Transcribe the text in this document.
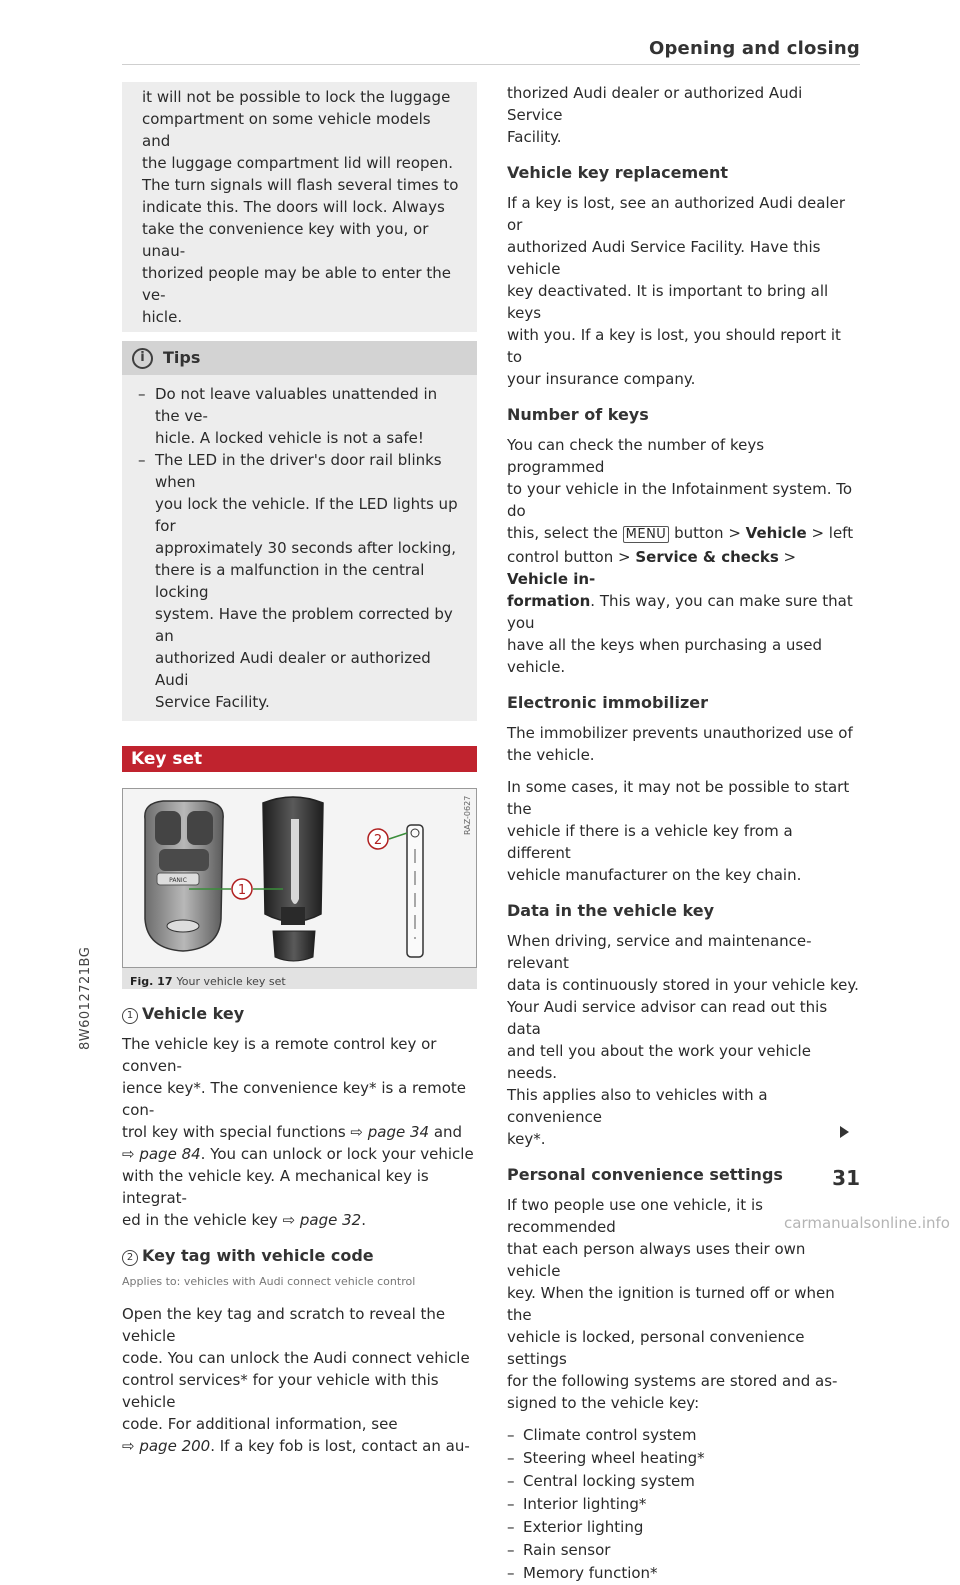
Opening and closing

it will not be possible to lock the luggage
compartment on some vehicle models and
the luggage compartment lid will reopen.
The turn signals will flash several times to
indicate this. The doors will lock. Always
take the convenience key with you, or unau-
thorized people may be able to enter the ve-
hicle.

i	Tips
– Do not leave valuables unattended in the ve-
hicle. A locked vehicle is not a safe!
– The LED in the driver's door rail blinks when
you lock the vehicle. If the LED lights up for
approximately 30 seconds after locking,
there is a malfunction in the central locking
system. Have the problem corrected by an
authorized Audi dealer or authorized Audi
Service Facility.
Key set
PANIC
1
2
RAZ-0627
Fig. 17 Your vehicle key set
1 Vehicle key

The vehicle key is a remote control key or conven-
ience key*. The convenience key* is a remote con-
trol key with special functions ⇨ page 34 and
⇨ page 84. You can unlock or lock your vehicle
with the vehicle key. A mechanical key is integrat-
ed in the vehicle key ⇨ page 32.

2 Key tag with vehicle code
Applies to: vehicles with Audi connect vehicle control

Open the key tag and scratch to reveal the vehicle
code. You can unlock the Audi connect vehicle
control services* for your vehicle with this vehicle
code. For additional information, see
⇨ page 200. If a key fob is lost, contact an au-

thorized Audi dealer or authorized Audi Service
Facility.

Vehicle key replacement

If a key is lost, see an authorized Audi dealer or
authorized Audi Service Facility. Have this vehicle
key deactivated. It is important to bring all keys
with you. If a key is lost, you should report it to
your insurance company.

Number of keys

You can check the number of keys programmed
to your vehicle in the Infotainment system. To do
this, select the MENU button > Vehicle > left
control button > Service & checks > Vehicle in-
formation. This way, you can make sure that you
have all the keys when purchasing a used vehicle.

Electronic immobilizer

The immobilizer prevents unauthorized use of
the vehicle.

In some cases, it may not be possible to start the
vehicle if there is a vehicle key from a different
vehicle manufacturer on the key chain.

Data in the vehicle key

When driving, service and maintenance-relevant
data is continuously stored in your vehicle key.
Your Audi service advisor can read out this data
and tell you about the work your vehicle needs.
This applies also to vehicles with a convenience
key*.

Personal convenience settings

If two people use one vehicle, it is recommended
that each person always uses their own vehicle
key. When the ignition is turned off or when the
vehicle is locked, personal convenience settings
for the following systems are stored and as-
signed to the vehicle key:

– Climate control system
– Steering wheel heating*
– Central locking system
– Interior lighting*
– Exterior lighting
– Rain sensor
– Memory function*
8W6012721BG
31
carmanualsonline.info
